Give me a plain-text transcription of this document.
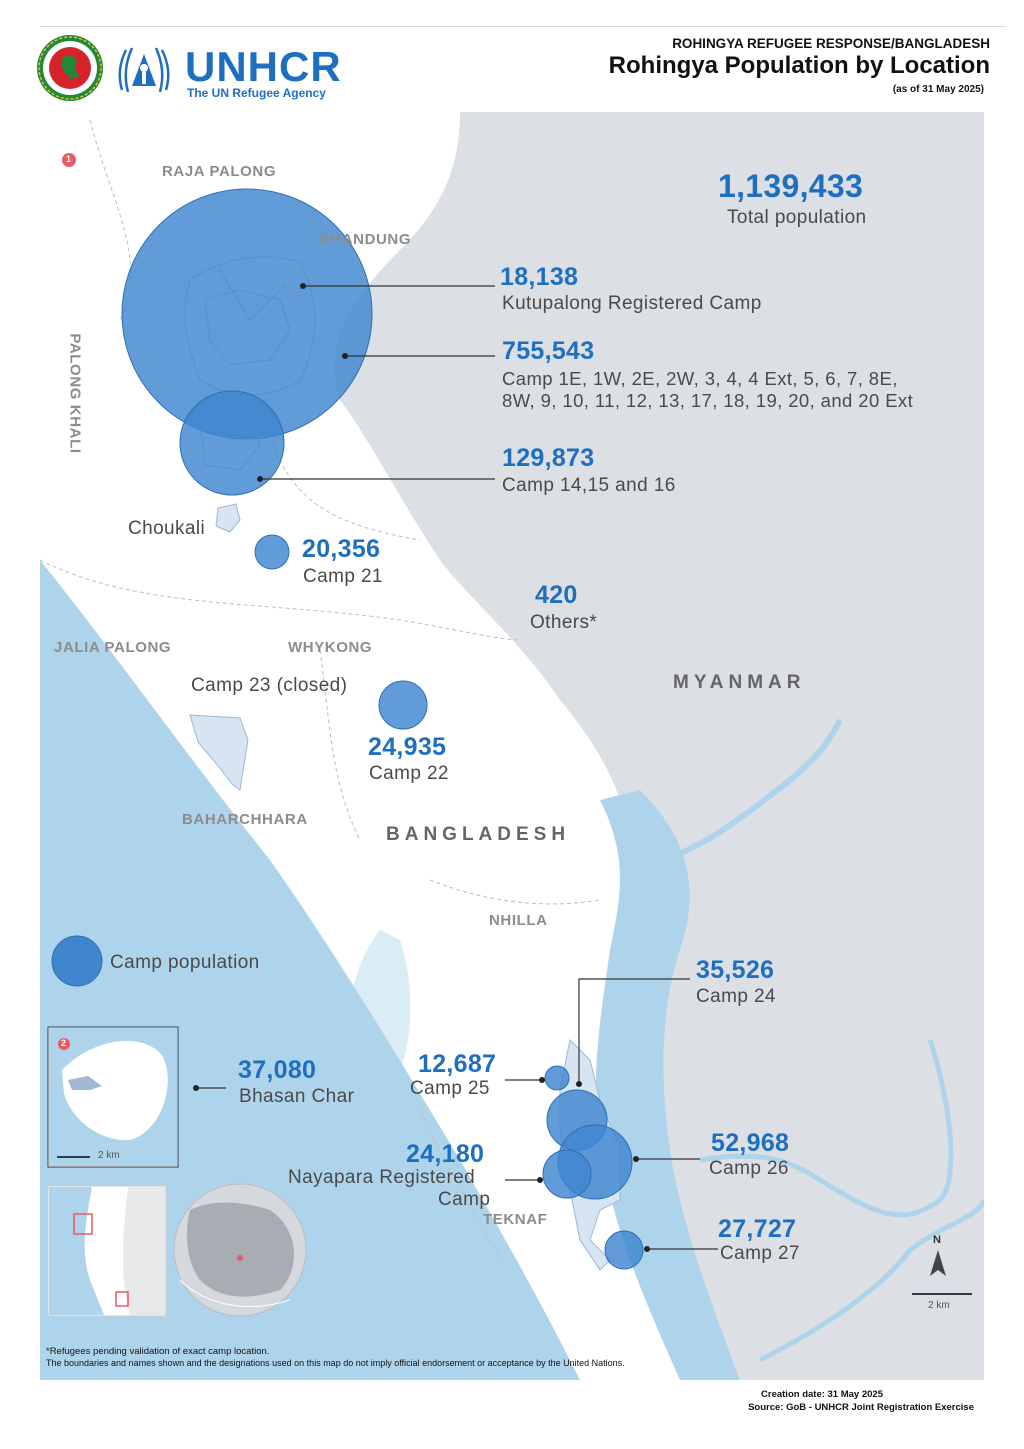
UNHCR
The UN Refugee Agency
ROHINGYA REFUGEE RESPONSE/BANGLADESH
Rohingya Population by Location
(as of 31 May 2025)
1
2
2 km
2 km
N
RAJA PALONG
GHANDUNG
PALONG KHALI
Choukali
JALIA PALONG	WHYKONG
Camp 23 (closed)
BAHARCHHARA
NHILLA
TEKNAF
MYANMAR
BANGLADESH
1,139,433
Total population
18,138
Kutupalong Registered Camp
755,543
Camp 1E, 1W, 2E, 2W, 3, 4, 4 Ext, 5, 6, 7, 8E,
8W, 9, 10, 11, 12, 13, 17, 18, 19, 20, and 20 Ext
129,873
Camp 14,15 and 16
20,356
Camp 21
420
Others*
24,935
Camp 22
35,526
Camp 24
12,687
Camp 25
52,968
Camp 26
24,180
Nayapara Registered
Camp
27,727
Camp 27
37,080
Bhasan Char
Camp population
*Refugees pending validation of exact camp location.
The boundaries and names shown and the designations used on this map do not imply official endorsement or acceptance by the United Nations.
Creation date: 31 May 2025
Source: GoB - UNHCR Joint Registration Exercise
